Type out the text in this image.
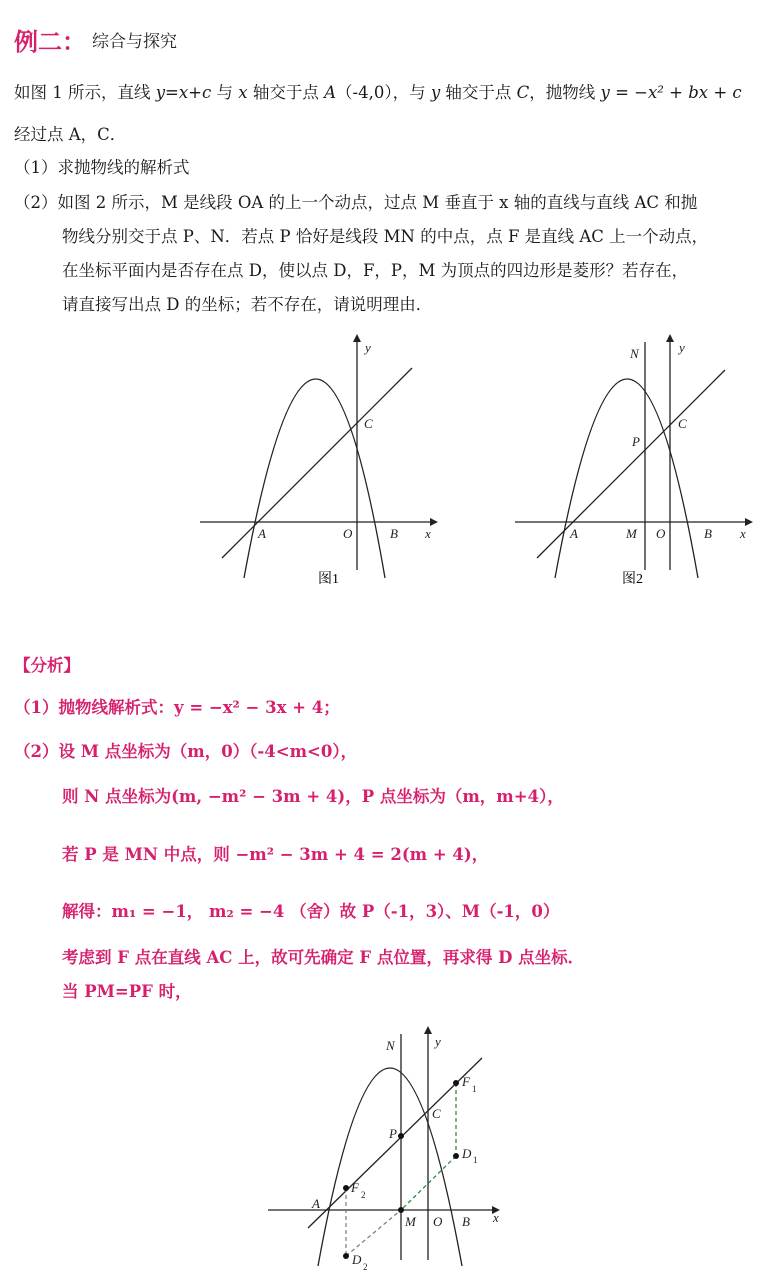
例二： 综合与探究
如图 1 所示，直线 y=x+c 与 x 轴交于点 A（-4,0），与 y 轴交于点 C，抛物线 y = −x² + bx + c
经过点 A，C．
（1）求抛物线的解析式
（2）如图 2 所示，M 是线段 OA 的上一个动点，过点 M 垂直于 x 轴的直线与直线 AC 和抛
物线分别交于点 P、N．若点 P 恰好是线段 MN 的中点，点 F 是直线 AC 上一个动点，
在坐标平面内是否存在点 D，使以点 D，F，P，M 为顶点的四边形是菱形？若存在，
请直接写出点 D 的坐标；若不存在，请说明理由．
x
y
A	O	B
C
x
y
A	M O	B
C
N
P
图1	图2
【分析】
（1）抛物线解析式：y = −x² − 3x + 4；
（2）设 M 点坐标为（m，0）（-4<m<0），
则 N 点坐标为(m, −m² − 3m + 4)，P 点坐标为（m，m+4），
若 P 是 MN 中点，则 −m² − 3m + 4 = 2(m + 4)，
解得：m₁ = −1， m₂ = −4 （舍）故 P（-1，3）、M（-1，0）
考虑到 F 点在直线 AC 上，故可先确定 F 点位置，再求得 D 点坐标．
当 PM=PF 时，
x
y
N
C
P
A
M O B
F 1
D 1
F 2
D 2
